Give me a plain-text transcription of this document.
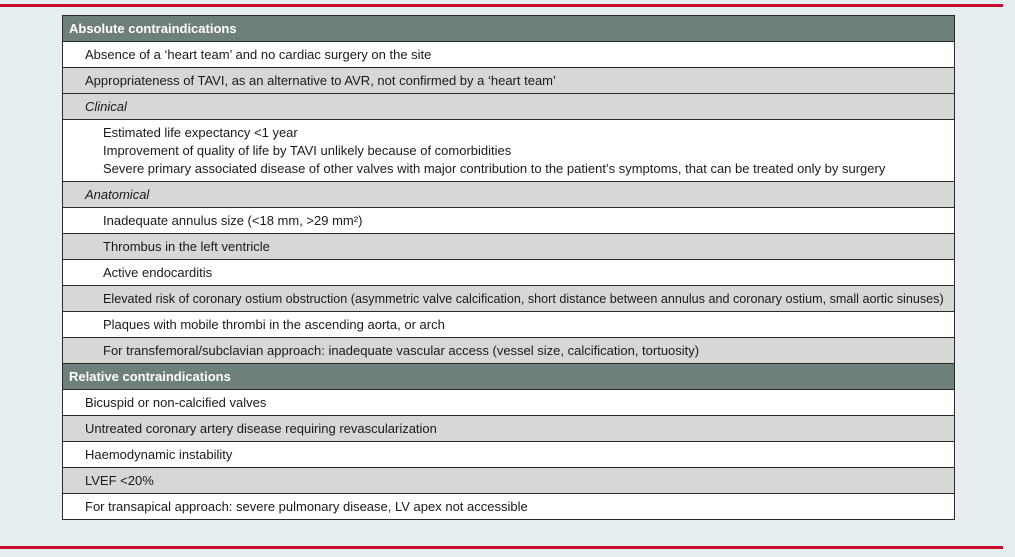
Absolute contraindications
Absence of a ‘heart team’ and no cardiac surgery on the site
Appropriateness of TAVI, as an alternative to AVR, not confirmed by a ‘heart team’
Clinical

Estimated life expectancy <1 year
Improvement of quality of life by TAVI unlikely because of comorbidities
Severe primary associated disease of other valves with major contribution to the patient’s symptoms, that can be treated only by surgery

Anatomical
Inadequate annulus size (<18 mm, >29 mm²)
Thrombus in the left ventricle
Active endocarditis
Elevated risk of coronary ostium obstruction (asymmetric valve calcification, short distance between annulus and coronary ostium, small aortic sinuses)
Plaques with mobile thrombi in the ascending aorta, or arch
For transfemoral/subclavian approach: inadequate vascular access (vessel size, calcification, tortuosity)
Relative contraindications
Bicuspid or non-calcified valves
Untreated coronary artery disease requiring revascularization
Haemodynamic instability
LVEF <20%
For transapical approach: severe pulmonary disease, LV apex not accessible
